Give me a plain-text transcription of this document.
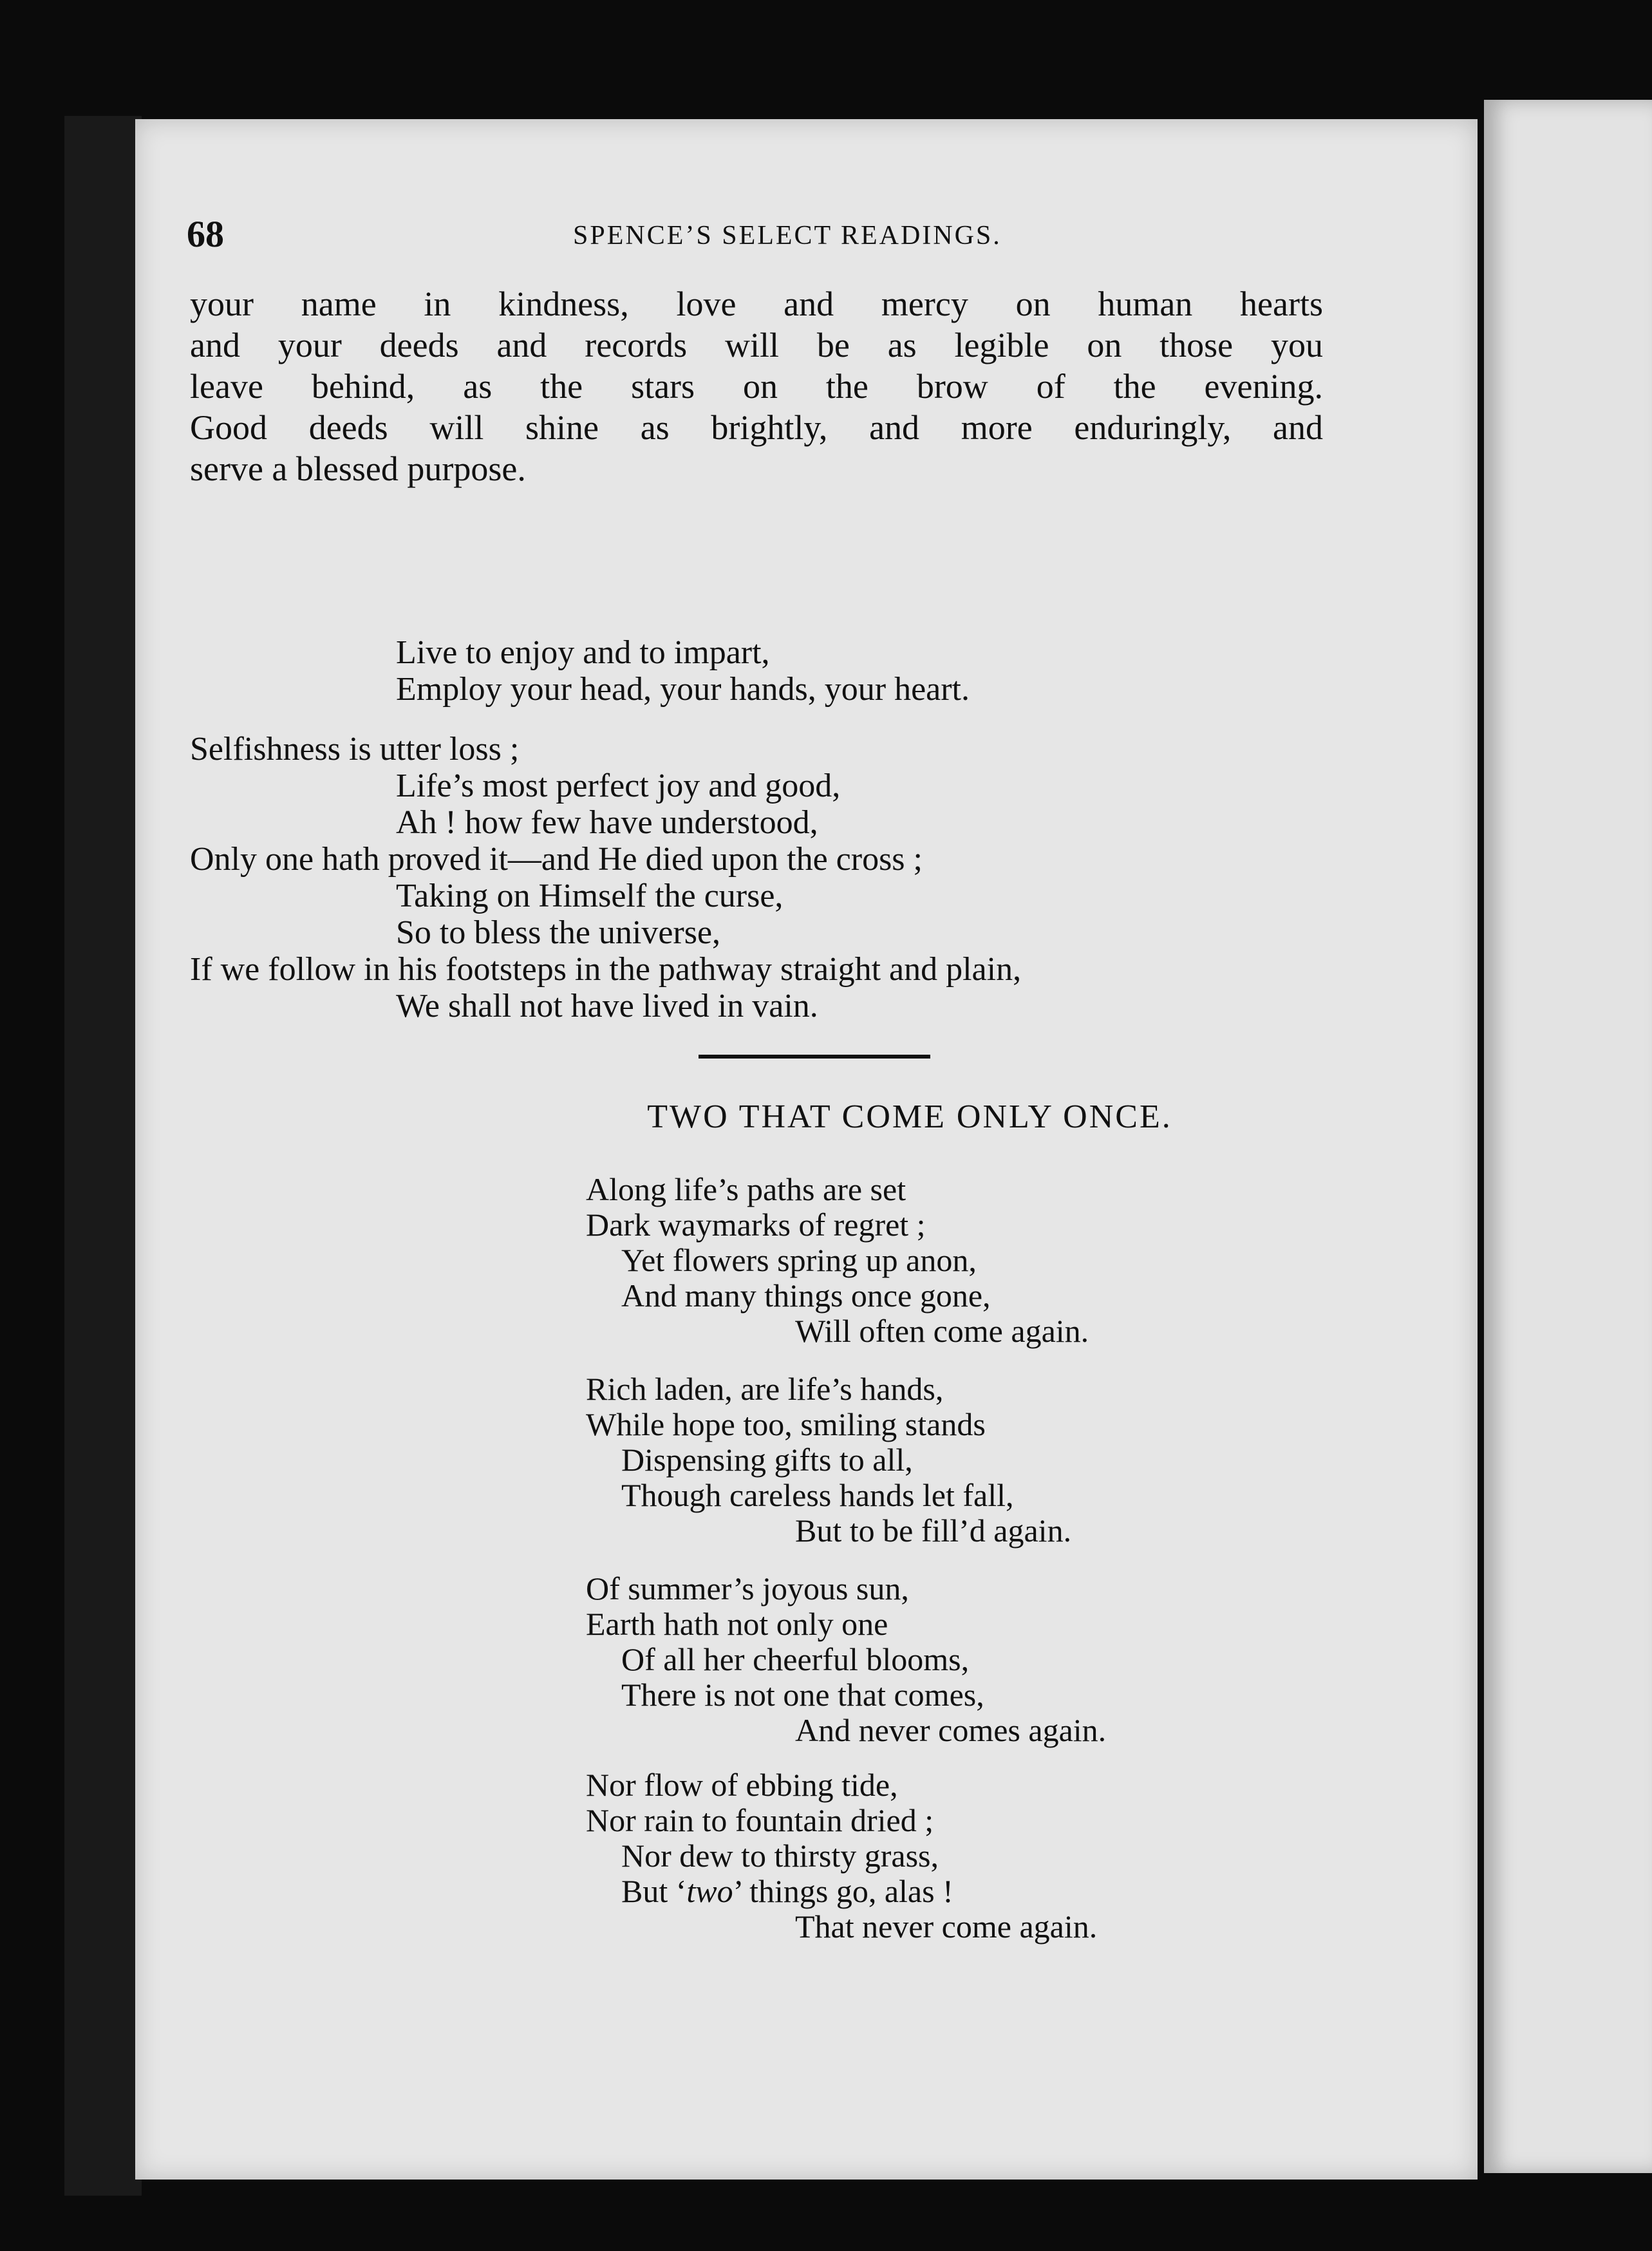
68	SPENCE’S SELECT READINGS.
your name in kindness, love and mercy on human hearts
and your deeds and records will be as legible on those you
leave behind, as the stars on the brow of the evening.
Good deeds will shine as brightly, and more enduringly, and
serve a blessed purpose.
Live to enjoy and to impart,
Employ your head, your hands, your heart.
Selfishness is utter loss ;
Life’s most perfect joy and good,
Ah ! how few have understood,
Only one hath proved it—and He died upon the cross ;
Taking on Himself the curse,
So to bless the universe,
If we follow in his footsteps in the pathway straight and plain,
We shall not have lived in vain.
TWO THAT COME ONLY ONCE.
Along life’s paths are set
Dark waymarks of regret ;
Yet flowers spring up anon,
And many things once gone,
Will often come again.
Rich laden, are life’s hands,
While hope too, smiling stands
Dispensing gifts to all,
Though careless hands let fall,
But to be fill’d again.
Of summer’s joyous sun,
Earth hath not only one
Of all her cheerful blooms,
There is not one that comes,
And never comes again.
Nor flow of ebbing tide,
Nor rain to fountain dried ;
Nor dew to thirsty grass,
But ‘two’ things go, alas !
That never come again.
